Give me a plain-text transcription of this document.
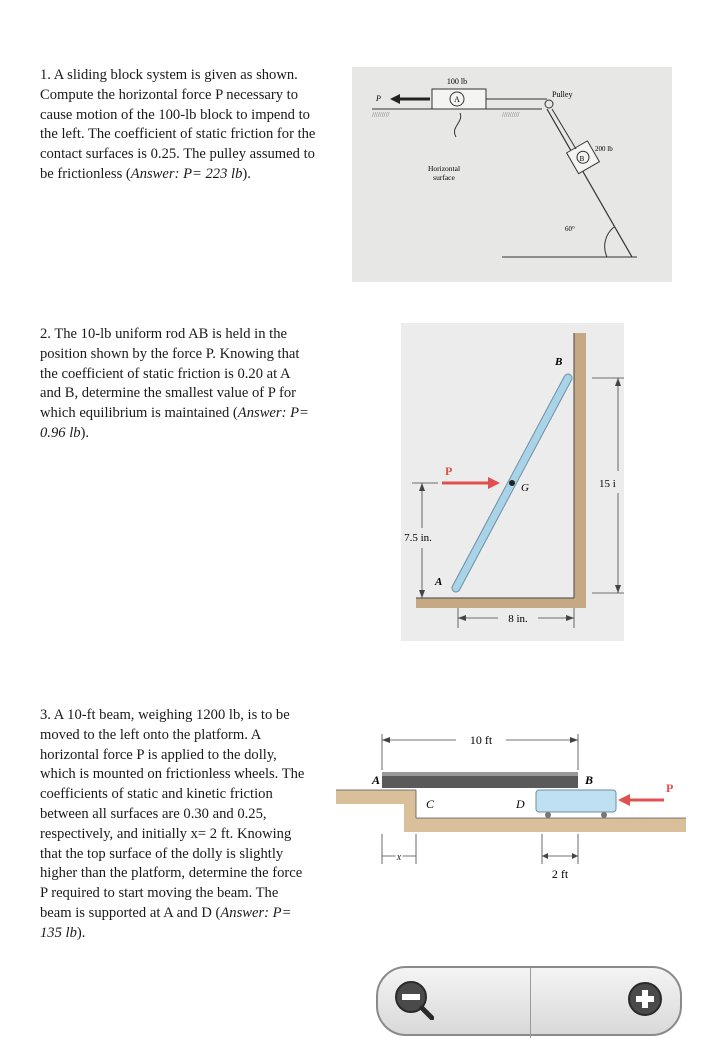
1. A sliding block system is given as shown. Compute the horizontal force P necessary to cause motion of the 100-lb block to impend to the left. The coefficient of static friction for the contact surfaces is 0.25. The pulley assumed to be frictionless (Answer: P= 223 lb).

/////////	/////////
A
100 lb
P	Pulley
B
200 lb
60°
Horizontal
surface

2. The 10-lb uniform rod AB is held in the position shown by the force P. Knowing that the coefficient of static friction is 0.20 at A and B, determine the smallest value of P for which equilibrium is maintained (Answer: P= 0.96 lb).

G
B
A
P
7.5 in.
8 in.
15 i

3. A 10-ft beam, weighing 1200 lb, is to be moved to the left onto the platform. A horizontal force P is applied to the dolly, which is mounted on frictionless wheels. The coefficients of static and kinetic friction between all surfaces are 0.30 and 0.25, respectively, and initially x= 2 ft. Knowing that the top surface of the dolly is slightly higher than the platform, determine the force P required to start moving the beam. The beam is supported at A and D (Answer: P= 135 lb).

A	B
C	D
P
10 ft
x
2 ft
